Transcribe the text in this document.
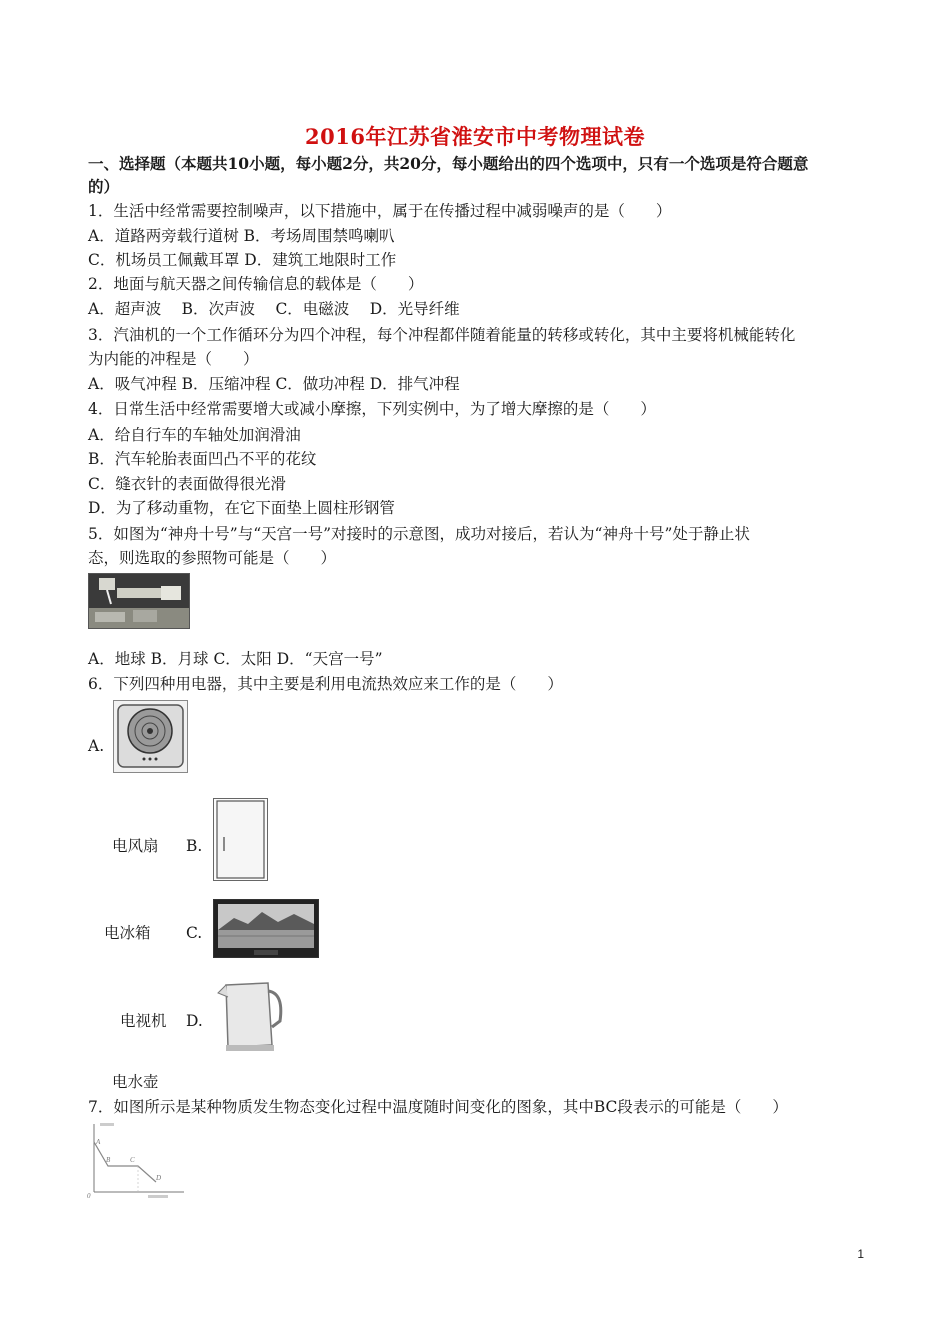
2016年江苏省淮安市中考物理试卷
一、选择题（本题共10小题，每小题2分，共20分，每小题给出的四个选项中，只有一个选项是符合题意
的）
1．生活中经常需要控制噪声，以下措施中，属于在传播过程中减弱噪声的是（　　）
A．道路两旁载行道树 B．考场周围禁鸣喇叭
C．机场员工佩戴耳罩 D．建筑工地限时工作
2．地面与航天器之间传输信息的载体是（　　）
A．超声波　 B．次声波　 C．电磁波　 D．光导纤维
3．汽油机的一个工作循环分为四个冲程，每个冲程都伴随着能量的转移或转化，其中主要将机械能转化
为内能的冲程是（　　）
A．吸气冲程 B．压缩冲程 C．做功冲程 D．排气冲程
4．日常生活中经常需要增大或减小摩擦，下列实例中，为了增大摩擦的是（　　）
A．给自行车的车轴处加润滑油
B．汽车轮胎表面凹凸不平的花纹
C．缝衣针的表面做得很光滑
D．为了移动重物，在它下面垫上圆柱形钢管
5．如图为“神舟十号”与“天宫一号”对接时的示意图，成功对接后，若认为“神舟十号”处于静止状
态，则选取的参照物可能是（　　）
A．地球 B．月球 C．太阳 D．“天宫一号”
6．下列四种用电器，其中主要是利用电流热效应来工作的是（　　）
A.
电风扇 B.
电冰箱 C.
电视机 D.
电水壶
7．如图所示是某种物质发生物态变化过程中温度随时间变化的图象，其中BC段表示的可能是（　　）
A
B	C
D
0
1
